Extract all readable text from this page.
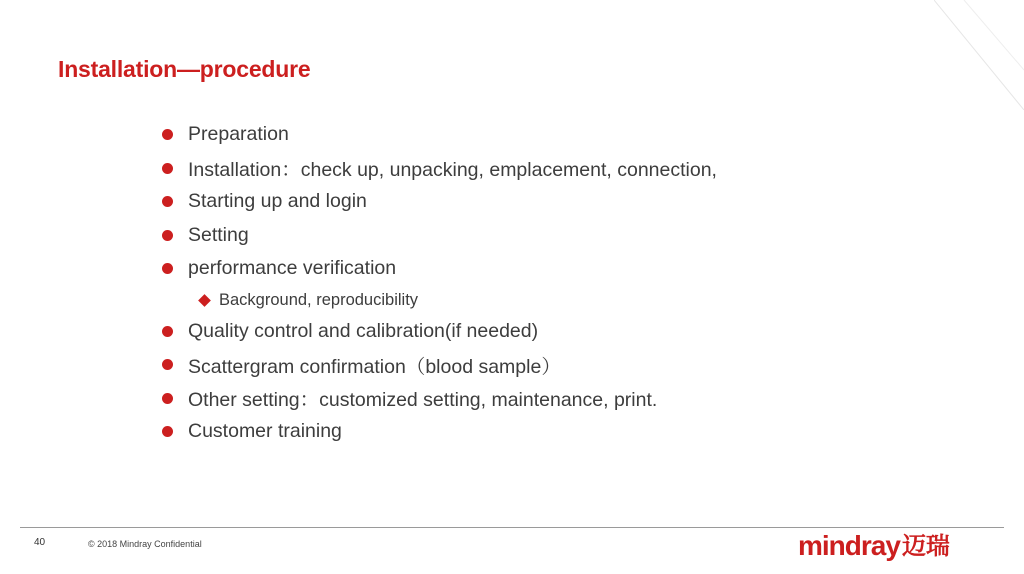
Installation—procedure
Preparation
Installation：check up, unpacking, emplacement, connection,
Starting up and login
Setting
performance verification
Background, reproducibility
Quality control and calibration(if needed)
Scattergram confirmation（blood sample）
Other setting：customized setting, maintenance, print.
Customer training
40	© 2018 Mindray Confidential	mindray 迈瑞
